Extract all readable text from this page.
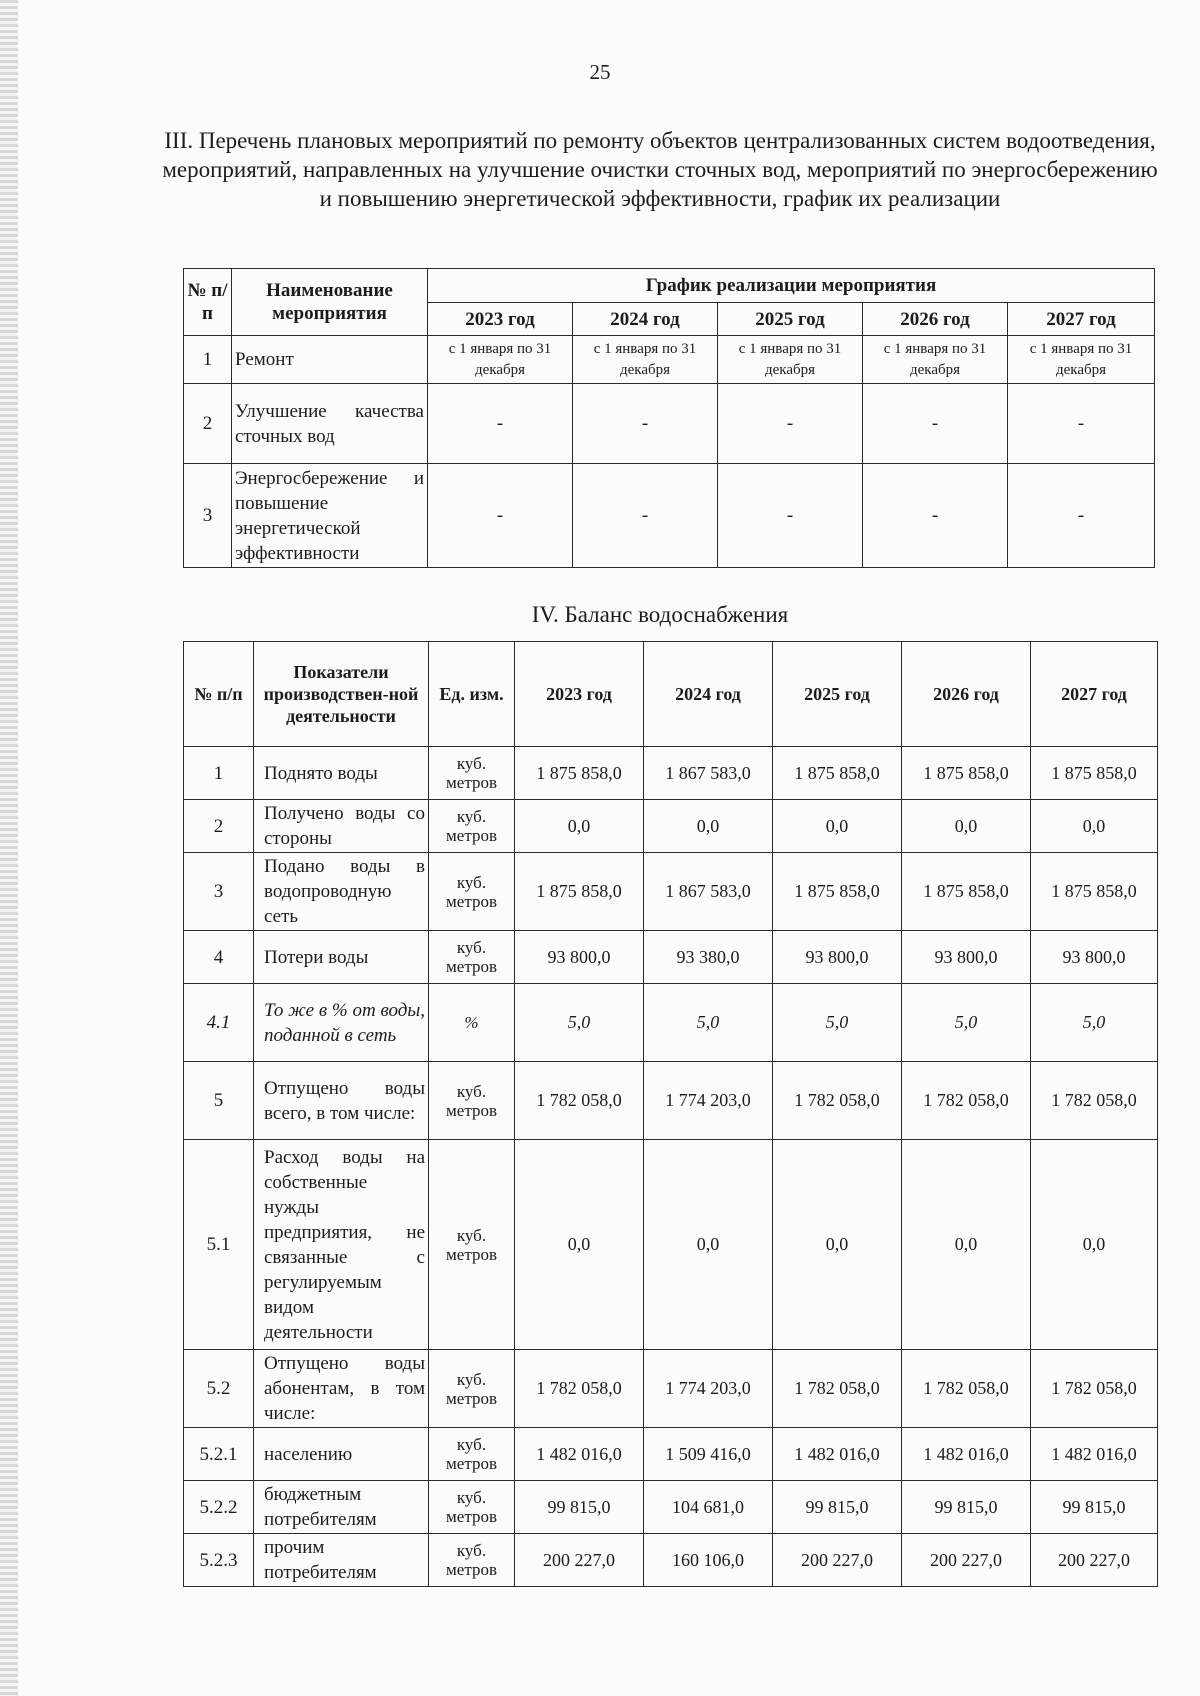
25
III. Перечень плановых мероприятий по ремонту объектов централизованных систем водоотведения, мероприятий, направленных на улучшение очистки сточных вод, мероприятий по энергосбережению и повышению энергетической эффективности, график их реализации
№ п/п	Наименование мероприятия	График реализации мероприятия				
		2023 год	2024 год	2025 год	2026 год	2027 год
1	Ремонт	с 1 января по 31 декабря	с 1 января по 31 декабря	с 1 января по 31 декабря	с 1 января по 31 декабря	с 1 января по 31 декабря
2	Улучшение качества сточных вод	-	-	-	-	-
3	Энергосбережение и повышение энергетической эффективности	-	-	-	-	-
IV. Баланс водоснабжения
№ п/п	Показатели производствен-ной деятельности	Ед. изм.	2023 год	2024 год	2025 год	2026 год	2027 год
1	Поднято воды	куб. метров	1 875 858,0	1 867 583,0	1 875 858,0	1 875 858,0	1 875 858,0
2	Получено воды со стороны	куб. метров	0,0	0,0	0,0	0,0	0,0
3	Подано воды в водопроводную сеть	куб. метров	1 875 858,0	1 867 583,0	1 875 858,0	1 875 858,0	1 875 858,0
4	Потери воды	куб. метров	93 800,0	93 380,0	93 800,0	93 800,0	93 800,0
4.1	То же в % от воды, поданной в сеть	%	5,0	5,0	5,0	5,0	5,0
5	Отпущено воды всего, в том числе:	куб. метров	1 782 058,0	1 774 203,0	1 782 058,0	1 782 058,0	1 782 058,0
5.1	Расход воды на собственные нужды предприятия, не связанные с регулируемым видом деятельности	куб. метров	0,0	0,0	0,0	0,0	0,0
5.2	Отпущено воды абонентам, в том числе:	куб. метров	1 782 058,0	1 774 203,0	1 782 058,0	1 782 058,0	1 782 058,0
5.2.1	населению	куб. метров	1 482 016,0	1 509 416,0	1 482 016,0	1 482 016,0	1 482 016,0
5.2.2	бюджетным потребителям	куб. метров	99 815,0	104 681,0	99 815,0	99 815,0	99 815,0
5.2.3	прочим потребителям	куб. метров	200 227,0	160 106,0	200 227,0	200 227,0	200 227,0
